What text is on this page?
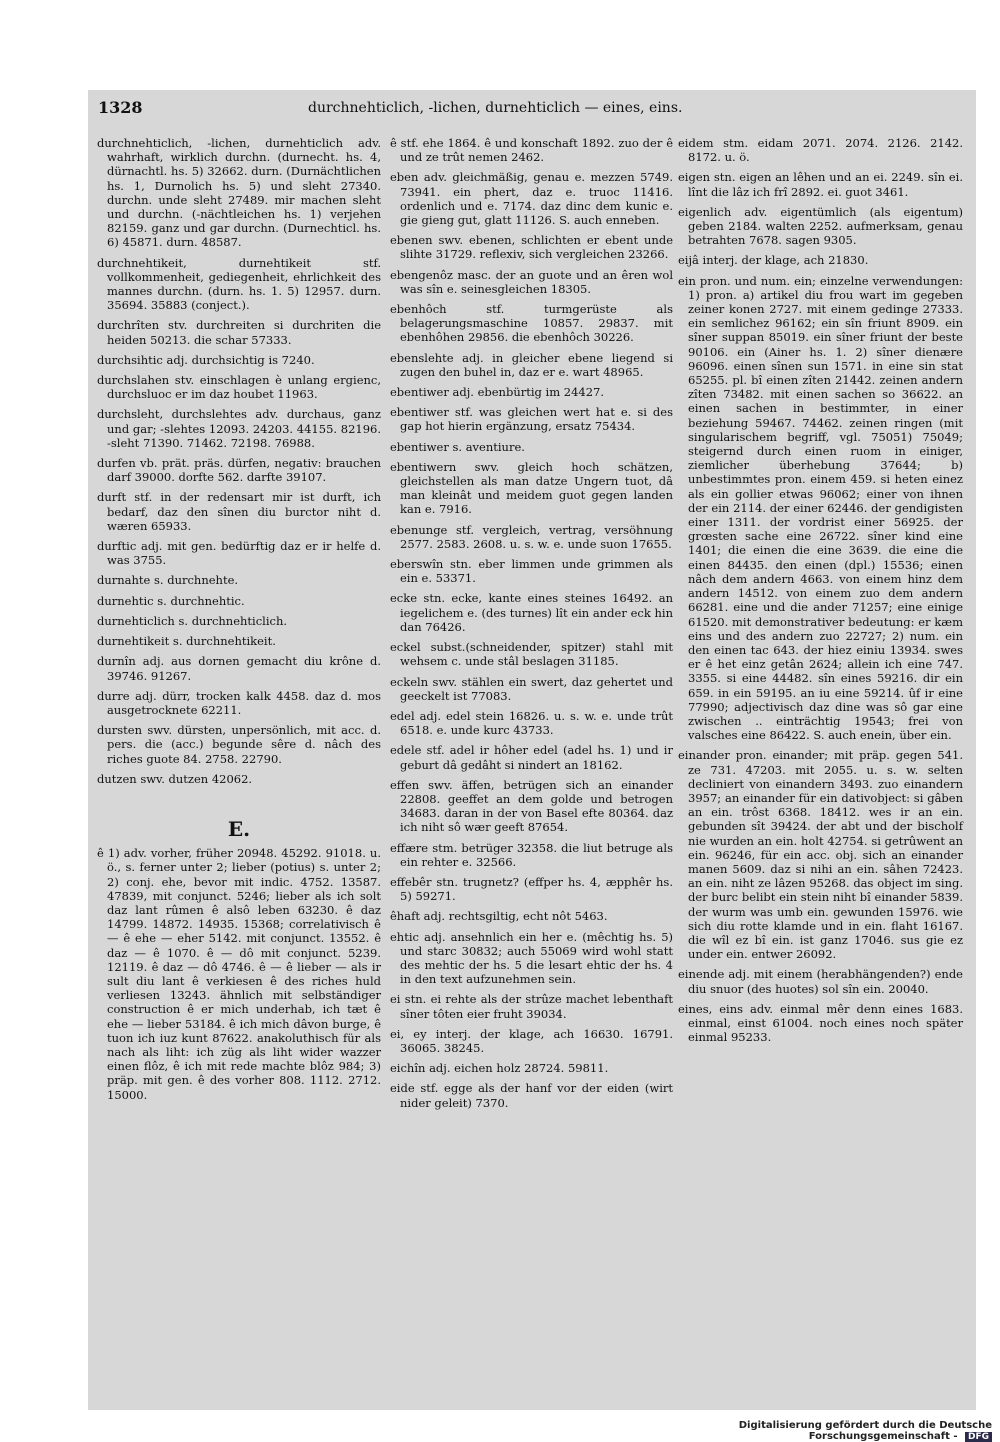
1328	durchnehticlich, -lichen, durnehticlich — eines, eins.
durchnehticlich, -lichen, durnehticlich adv. wahrhaft, wirklich durchn. (durnecht. hs. 4, dürnachtl. hs. 5) 32662. durn. (Durnächtlichen hs. 1, Durnolich hs. 5) und sleht 27340. durchn. unde sleht 27489. mir machen sleht und durchn. (-nächtleichen hs. 1) verjehen 82159. ganz und gar durchn. (Durnechticl. hs. 6) 45871. durn. 48587.
durchnehtikeit, durnehtikeit stf. vollkommenheit, gediegenheit, ehrlichkeit des mannes durchn. (durn. hs. 1. 5) 12957. durn. 35694. 35883 (conject.).
durchrîten stv. durchreiten si durchriten die heiden 50213. die schar 57333.
durchsihtic adj. durchsichtig is 7240.
durchslahen stv. einschlagen è unlang ergienc, durchsluoc er im daz houbet 11963.
durchsleht, durchslehtes adv. durchaus, ganz und gar; -slehtes 12093. 24203. 44155. 82196. -sleht 71390. 71462. 72198. 76988.
durfen vb. prät. präs. dürfen, negativ: brauchen darf 39000. dorfte 562. darfte 39107.
durft stf. in der redensart mir ist durft, ich bedarf, daz den sînen diu burctor niht d. wæren 65933.
durftic adj. mit gen. bedürftig daz er ir helfe d. was 3755.
durnahte s. durchnehte.
durnehtic s. durchnehtic.
durnehticlich s. durchnehticlich.
durnehtikeit s. durchnehtikeit.
durnîn adj. aus dornen gemacht diu krône d. 39746. 91267.
durre adj. dürr, trocken kalk 4458. daz d. mos ausgetrocknete 62211.
dursten swv. dürsten, unpersönlich, mit acc. d. pers. die (acc.) begunde sêre d. nâch des riches guote 84. 2758. 22790.
dutzen swv. dutzen 42062.
E.
ê 1) adv. vorher, früher 20948. 45292. 91018. u. ö., s. ferner unter 2; lieber (potius) s. unter 2; 2) conj. ehe, bevor mit indic. 4752. 13587. 47839, mit conjunct. 5246; lieber als ich solt daz lant rûmen ê alsô leben 63230. ê daz 14799. 14872. 14935. 15368; correlativisch ê — ê ehe — eher 5142. mit conjunct. 13552. ê daz — ê 1070. ê — dô mit conjunct. 5239. 12119. ê daz — dô 4746. ê — ê lieber — als ir sult diu lant ê verkiesen ê des riches huld verliesen 13243. ähnlich mit selbständiger construction ê er mich underhab, ich tæt ê ehe — lieber 53184. ê ich mich dâvon burge, ê tuon ich iuz kunt 87622. anakoluthisch für als nach als liht: ich züg als liht wider wazzer einen flôz, ê ich mit rede machte blôz 984; 3) präp. mit gen. ê des vorher 808. 1112. 2712. 15000.
ê stf. ehe 1864. ê und konschaft 1892. zuo der ê und ze trût nemen 2462.
eben adv. gleichmäßig, genau e. mezzen 5749. 73941. ein phert, daz e. truoc 11416. ordenlich und e. 7174. daz dinc dem kunic e. gie gieng gut, glatt 11126. S. auch enneben.
ebenen swv. ebenen, schlichten er ebent unde slihte 31729. reflexiv, sich vergleichen 23266.
ebengenôz masc. der an guote und an êren wol was sîn e. seinesgleichen 18305.
ebenhôch stf. turmgerüste als belagerungsmaschine 10857. 29837. mit ebenhôhen 29856. die ebenhôch 30226.
ebenslehte adj. in gleicher ebene liegend si zugen den buhel in, daz er e. wart 48965.
ebentiwer adj. ebenbürtig im 24427.
ebentiwer stf. was gleichen wert hat e. si des gap hot hierin ergänzung, ersatz 75434.
ebentiwer s. aventiure.
ebentiwern swv. gleich hoch schätzen, gleichstellen als man datze Ungern tuot, dâ man kleinât und meidem guot gegen landen kan e. 7916.
ebenunge stf. vergleich, vertrag, versöhnung 2577. 2583. 2608. u. s. w. e. unde suon 17655.
eberswîn stn. eber limmen unde grimmen als ein e. 53371.
ecke stn. ecke, kante eines steines 16492. an iegelichem e. (des turnes) lît ein ander eck hin dan 76426.
eckel subst.(schneidender, spitzer) stahl mit wehsem c. unde stâl beslagen 31185.
eckeln swv. stählen ein swert, daz gehertet und geeckelt ist 77083.
edel adj. edel stein 16826. u. s. w. e. unde trût 6518. e. unde kurc 43733.
edele stf. adel ir hôher edel (adel hs. 1) und ir geburt dâ gedâht si nindert an 18162.
effen swv. äffen, betrügen sich an einander 22808. geeffet an dem golde und betrogen 34683. daran in der von Basel efte 80364. daz ich niht sô wær geeft 87654.
effære stm. betrüger 32358. die liut betruge als ein rehter e. 32566.
effebêr stn. trugnetz? (effper hs. 4, æpphêr hs. 5) 59271.
êhaft adj. rechtsgiltig, echt nôt 5463.
ehtic adj. ansehnlich ein her e. (mêchtig hs. 5) und starc 30832; auch 55069 wird wohl statt des mehtic der hs. 5 die lesart ehtic der hs. 4 in den text aufzunehmen sein.
ei stn. ei rehte als der strûze machet lebenthaft sîner tôten eier fruht 39034.
ei, ey interj. der klage, ach 16630. 16791. 36065. 38245.
eichîn adj. eichen holz 28724. 59811.
eide stf. egge als der hanf vor der eiden (wirt nider geleit) 7370.
eidem stm. eidam 2071. 2074. 2126. 2142. 8172. u. ö.
eigen stn. eigen an lêhen und an ei. 2249. sîn ei. lînt die lâz ich frî 2892. ei. guot 3461.
eigenlich adv. eigentümlich (als eigentum) geben 2184. walten 2252. aufmerksam, genau betrahten 7678. sagen 9305.
eijâ interj. der klage, ach 21830.
ein pron. und num. ein; einzelne verwendungen: 1) pron. a) artikel diu frou wart im gegeben zeiner konen 2727. mit einem gedinge 27333. ein semlichez 96162; ein sîn friunt 8909. ein sîner suppan 85019. ein sîner friunt der beste 90106. ein (Ainer hs. 1. 2) sîner dienære 96096. einen sînen sun 1571. in eine sin stat 65255. pl. bî einen zîten 21442. zeinen andern zîten 73482. mit einen sachen so 36622. an einen sachen in bestimmter, in einer beziehung 59467. 74462. zeinen ringen (mit singularischem begriff, vgl. 75051) 75049; steigernd durch einen ruom in einiger, ziemlicher überhebung 37644; b) unbestimmtes pron. einem 459. si heten einez als ein gollier etwas 96062; einer von ihnen der ein 2114. der einer 62446. der gendigisten einer 1311. der vordrist einer 56925. der grœsten sache eine 26722. sîner kind eine 1401; die einen die eine 3639. die eine die einen 84435. den einen (dpl.) 15536; einen nâch dem andern 4663. von einem hinz dem andern 14512. von einem zuo dem andern 66281. eine und die ander 71257; eine einige 61520. mit demonstrativer bedeutung: er kæm eins und des andern zuo 22727; 2) num. ein den einen tac 643. der hiez einiu 13934. swes er ê het einz getân 2624; allein ich eine 747. 3355. si eine 44482. sîn eines 59216. dir ein 659. in ein 59195. an iu eine 59214. ûf ir eine 77990; adjectivisch daz dine was sô gar eine zwischen .. einträchtig 19543; frei von valsches eine 86422. S. auch enein, über ein.
einander pron. einander; mit präp. gegen 541. ze 731. 47203. mit 2055. u. s. w. selten decliniert von einandern 3493. zuo einandern 3957; an einander für ein dativobject: si gâben an ein. trôst 6368. 18412. wes ir an ein. gebunden sît 39424. der abt und der bischolf nie wurden an ein. holt 42754. si getrûwent an ein. 96246, für ein acc. obj. sich an einander manen 5609. daz si nihi an ein. sâhen 72423. an ein. niht ze lâzen 95268. das object im sing. der burc belibt ein stein niht bî einander 5839. der wurm was umb ein. gewunden 15976. wie sich diu rotte klamde und in ein. flaht 16167. die wîl ez bî ein. ist ganz 17046. sus gie ez under ein. entwer 26092.
einende adj. mit einem (herabhängenden?) ende diu snuor (des huotes) sol sîn ein. 20040.
eines, eins adv. einmal mêr denn eines 1683. einmal, einst 61004. noch eines noch später einmal 95233.
Digitalisierung gefördert durch die Deutsche Forschungsgemeinschaft - DFG
